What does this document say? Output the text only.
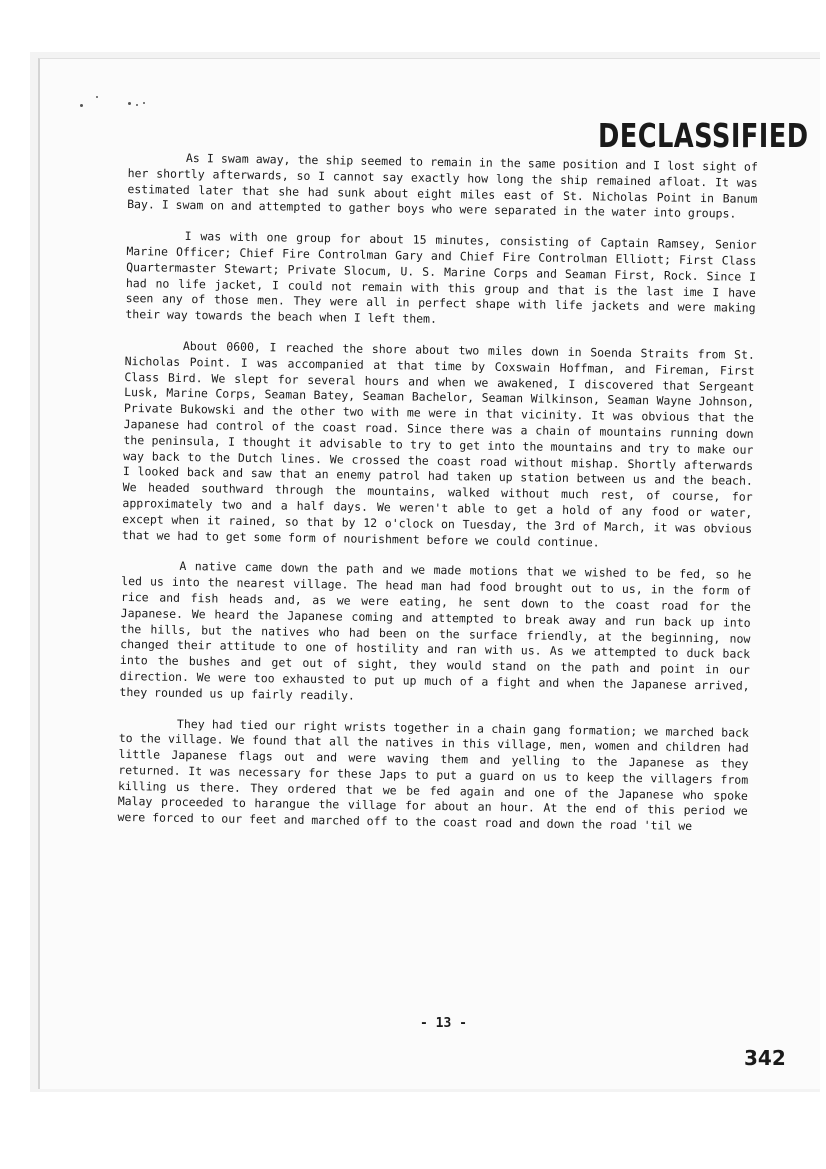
DECLASSIFIED

As I swam away, the ship seemed to remain in the same position and I lost sight of her shortly afterwards, so I cannot say exactly how long the ship remained afloat. It was estimated later that she had sunk about eight miles east of St. Nicholas Point in Banum Bay. I swam on and attempted to gather boys who were separated in the water into groups.

I was with one group for about 15 minutes, consisting of Captain Ramsey, Senior Marine Officer; Chief Fire Controlman Gary and Chief Fire Controlman Elliott; First Class Quartermaster Stewart; Private Slocum, U. S. Marine Corps and Seaman First, Rock. Since I had no life jacket, I could not remain with this group and that is the last ime I have seen any of those men. They were all in perfect shape with life jackets and were making their way towards the beach when I left them.

About 0600, I reached the shore about two miles down in Soenda Straits from St. Nicholas Point. I was accompanied at that time by Coxswain Hoffman, and Fireman, First Class Bird. We slept for several hours and when we awakened, I discovered that Sergeant Lusk, Marine Corps, Seaman Batey, Seaman Bachelor, Seaman Wilkinson, Seaman Wayne Johnson, Private Bukowski and the other two with me were in that vicinity. It was obvious that the Japanese had control of the coast road. Since there was a chain of mountains running down the peninsula, I thought it advisable to try to get into the mountains and try to make our way back to the Dutch lines. We crossed the coast road without mishap. Shortly afterwards I looked back and saw that an enemy patrol had taken up station between us and the beach. We headed southward through the mountains, walked without much rest, of course, for approximately two and a half days. We weren't able to get a hold of any food or water, except when it rained, so that by 12 o'clock on Tuesday, the 3rd of March, it was obvious that we had to get some form of nourishment before we could continue.

A native came down the path and we made motions that we wished to be fed, so he led us into the nearest village. The head man had food brought out to us, in the form of rice and fish heads and, as we were eating, he sent down to the coast road for the Japanese. We heard the Japanese coming and attempted to break away and run back up into the hills, but the natives who had been on the surface friendly, at the beginning, now changed their attitude to one of hostility and ran with us. As we attempted to duck back into the bushes and get out of sight, they would stand on the path and point in our direction. We were too exhausted to put up much of a fight and when the Japanese arrived, they rounded us up fairly readily.

They had tied our right wrists together in a chain gang formation; we marched back to the village. We found that all the natives in this village, men, women and children had little Japanese flags out and were waving them and yelling to the Japanese as they returned. It was necessary for these Japs to put a guard on us to keep the villagers from killing us there. They ordered that we be fed again and one of the Japanese who spoke Malay proceeded to harangue the village for about an hour. At the end of this period we were forced to our feet and marched off to the coast road and down the road 'til we

- 13 -
342
